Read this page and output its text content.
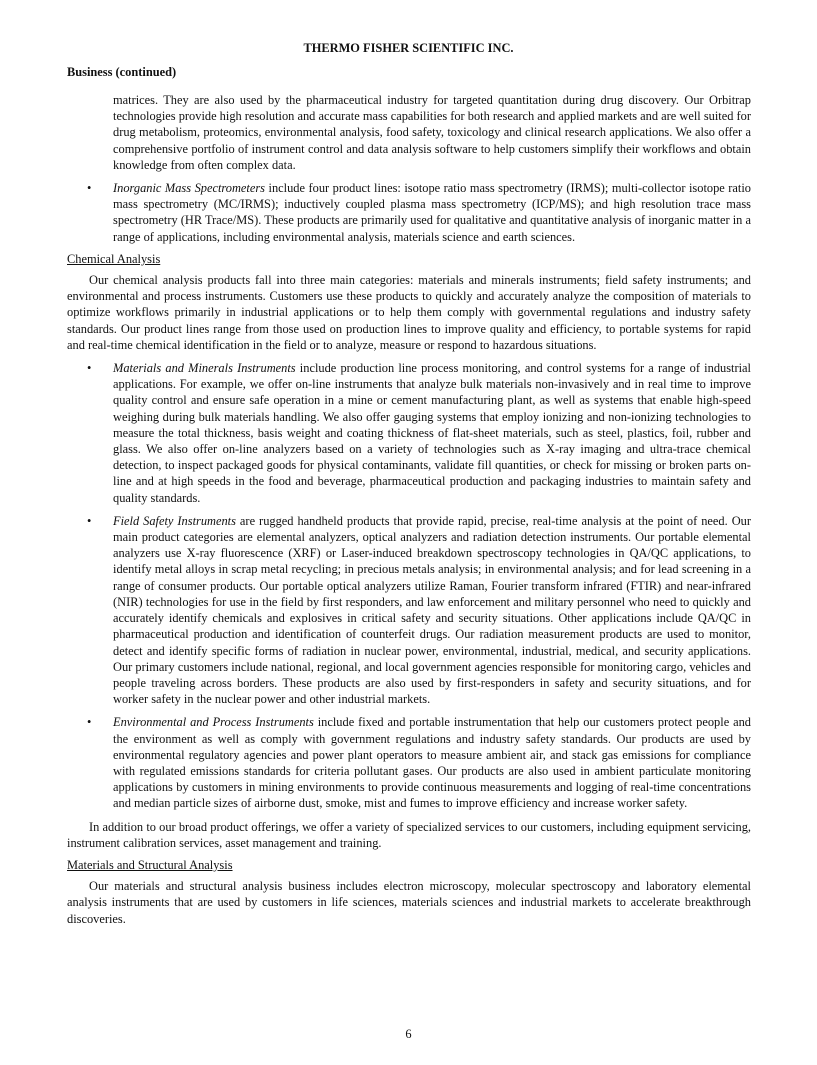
THERMO FISHER SCIENTIFIC INC.
Business (continued)

matrices. They are also used by the pharmaceutical industry for targeted quantitation during drug discovery. Our Orbitrap technologies provide high resolution and accurate mass capabilities for both research and applied markets and are well suited for drug metabolism, proteomics, environmental analysis, food safety, toxicology and clinical research applications. We also offer a comprehensive portfolio of instrument control and data analysis software to help customers simplify their workflows and obtain knowledge from often complex data.

• Inorganic Mass Spectrometers include four product lines: isotope ratio mass spectrometry (IRMS); multi-collector isotope ratio mass spectrometry (MC/IRMS); inductively coupled plasma mass spectrometry (ICP/MS); and high resolution trace mass spectrometry (HR Trace/MS). These products are primarily used for qualitative and quantitative analysis of inorganic matter in a range of applications, including environmental analysis, materials science and earth sciences.

Chemical Analysis

Our chemical analysis products fall into three main categories: materials and minerals instruments; field safety instruments; and environmental and process instruments. Customers use these products to quickly and accurately analyze the composition of materials to optimize workflows primarily in industrial applications or to help them comply with governmental regulations and industry safety standards. Our product lines range from those used on production lines to improve quality and efficiency, to portable systems for rapid and real-time chemical identification in the field or to analyze, measure or respond to hazardous situations.

• Materials and Minerals Instruments include production line process monitoring, and control systems for a range of industrial applications. For example, we offer on-line instruments that analyze bulk materials non-invasively and in real time to improve quality control and ensure safe operation in a mine or cement manufacturing plant, as well as systems that enable high-speed weighing during bulk materials handling. We also offer gauging systems that employ ionizing and non-ionizing technologies to measure the total thickness, basis weight and coating thickness of flat-sheet materials, such as steel, plastics, foil, rubber and glass. We also offer on-line analyzers based on a variety of technologies such as X-ray imaging and ultra-trace chemical detection, to inspect packaged goods for physical contaminants, validate fill quantities, or check for missing or broken parts on-line and at high speeds in the food and beverage, pharmaceutical production and packaging industries to maintain safety and quality standards.

• Field Safety Instruments are rugged handheld products that provide rapid, precise, real-time analysis at the point of need. Our main product categories are elemental analyzers, optical analyzers and radiation detection instruments. Our portable elemental analyzers use X-ray fluorescence (XRF) or Laser-induced breakdown spectroscopy technologies in QA/QC applications, to identify metal alloys in scrap metal recycling; in precious metals analysis; in environmental analysis; and for lead screening in a range of consumer products. Our portable optical analyzers utilize Raman, Fourier transform infrared (FTIR) and near-infrared (NIR) technologies for use in the field by first responders, and law enforcement and military personnel who need to quickly and accurately identify chemicals and explosives in critical safety and security situations. Other applications include QA/QC in pharmaceutical production and identification of counterfeit drugs. Our radiation measurement products are used to monitor, detect and identify specific forms of radiation in nuclear power, environmental, industrial, medical, and security applications. Our primary customers include national, regional, and local government agencies responsible for monitoring cargo, vehicles and people traveling across borders. These products are also used by first-responders in safety and security situations, and for worker safety in the nuclear power and other industrial markets.

• Environmental and Process Instruments include fixed and portable instrumentation that help our customers protect people and the environment as well as comply with government regulations and industry safety standards. Our products are used by environmental regulatory agencies and power plant operators to measure ambient air, and stack gas emissions for compliance with regulated emissions standards for criteria pollutant gases. Our products are also used in ambient particulate monitoring applications by customers in mining environments to provide continuous measurements and logging of real-time concentrations and median particle sizes of airborne dust, smoke, mist and fumes to improve efficiency and increase worker safety.

In addition to our broad product offerings, we offer a variety of specialized services to our customers, including equipment servicing, instrument calibration services, asset management and training.

Materials and Structural Analysis

Our materials and structural analysis business includes electron microscopy, molecular spectroscopy and laboratory elemental analysis instruments that are used by customers in life sciences, materials sciences and industrial markets to accelerate breakthrough discoveries.

6
